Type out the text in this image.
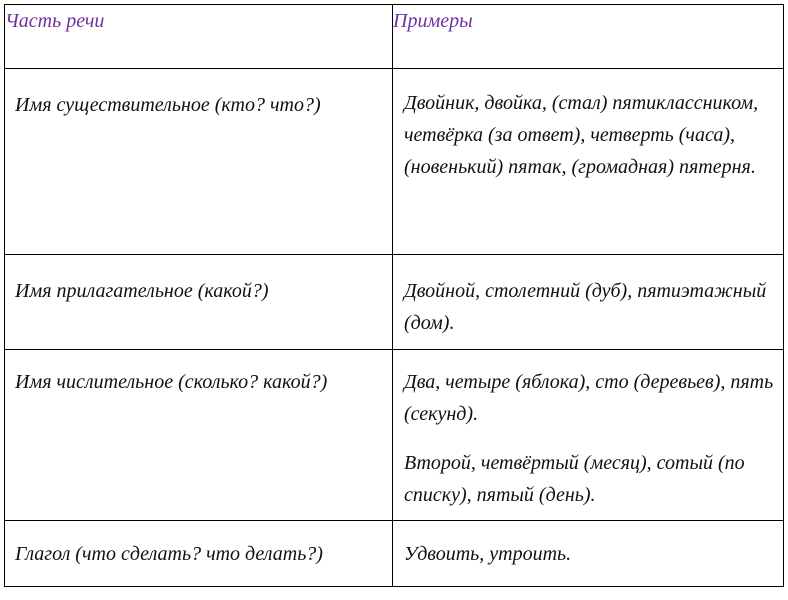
Часть речи	Примеры
Имя существительное (кто? что?)	Двойник, двойка, (стал) пятиклассником, четвёрка (за ответ), четверть (часа), (новенький) пятак, (громадная) пятерня.
Имя прилагательное (какой?)	Двойной, столетний (дуб), пятиэтажный (дом).
Имя числительное (сколько? какой?)	Два, четыре (яблока), сто (деревьев), пять (секунд).
Второй, четвёртый (месяц), сотый (по списку), пятый (день).

Глагол (что сделать? что делать?)	Удвоить, утроить.
